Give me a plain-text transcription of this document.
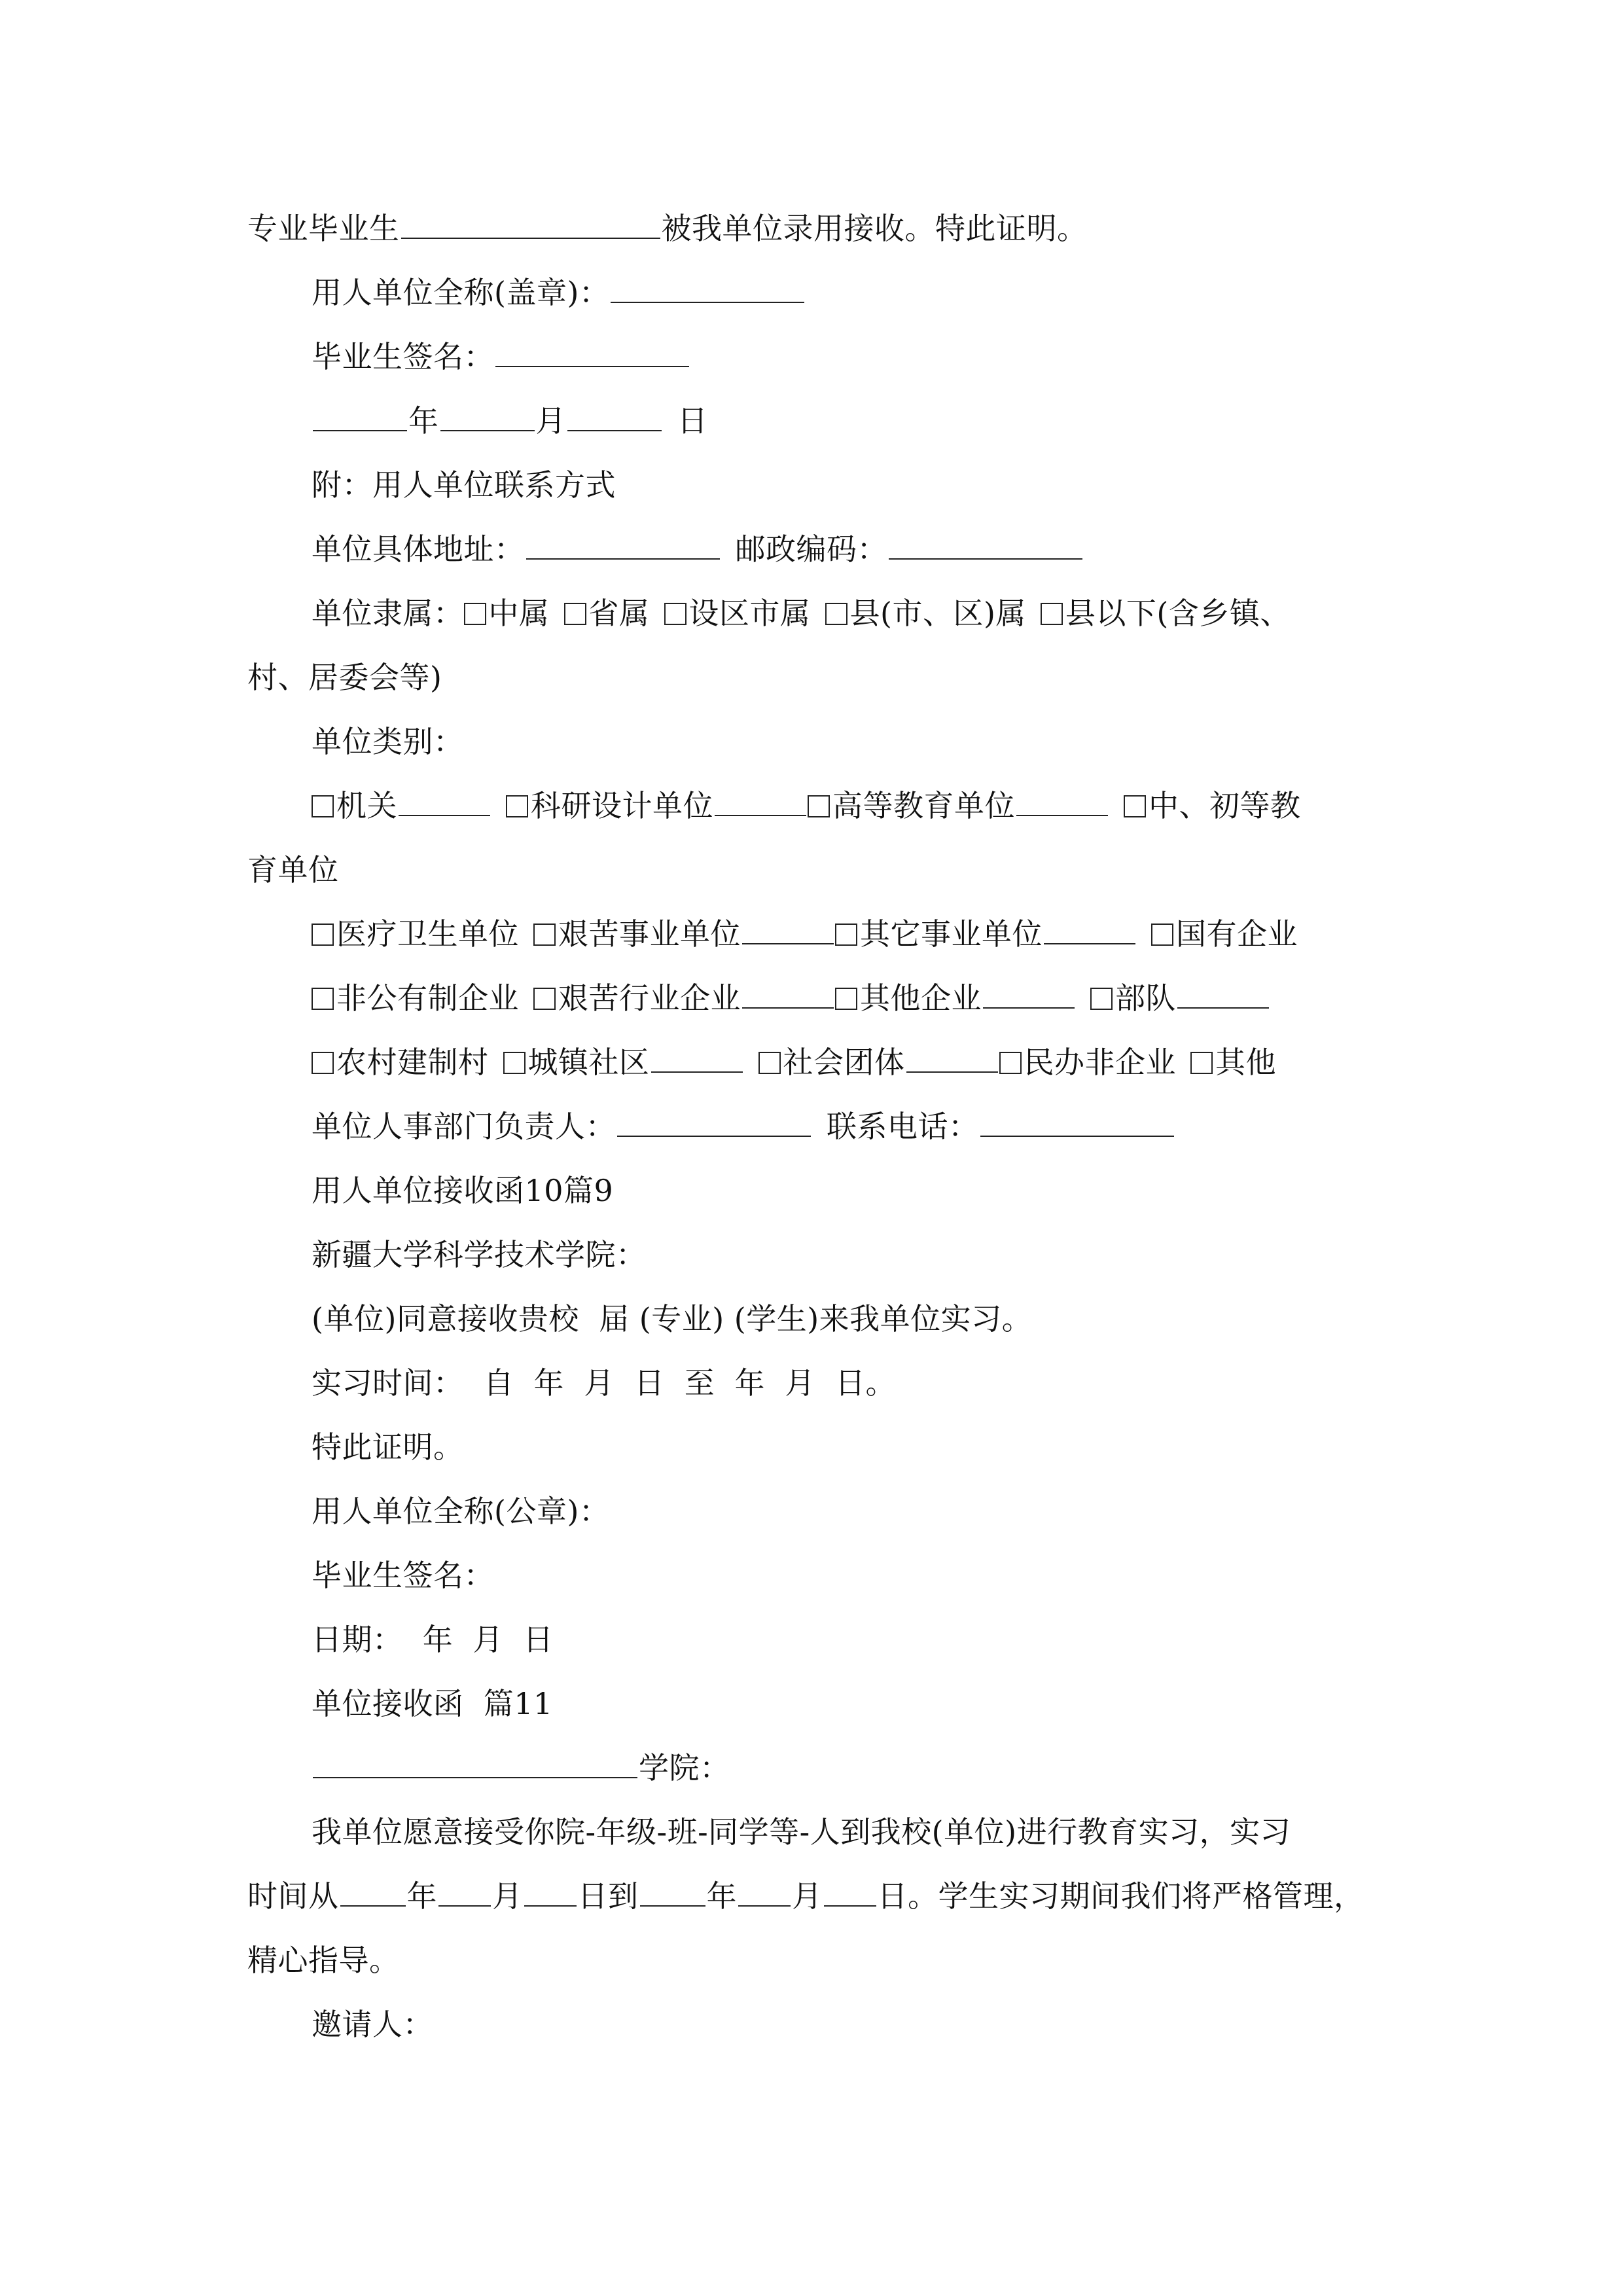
专业毕业生	被我单位录用接收。特此证明。
用人单位全称(盖章)：
毕业生签名：
年	月	日
附：用人单位联系方式
单位具体地址：	邮政编码：
单位隶属： 中属 省属 设区市属 县(市、区)属 县以下(含乡镇、
村、居委会等)
单位类别：
机关	科研设计单位	高等教育单位	中、初等教
育单位
医疗卫生单位 艰苦事业单位	其它事业单位	国有企业
非公有制企业 艰苦行业企业	其他企业	部队
农村建制村 城镇社区	社会团体	民办非企业 其他
单位人事部门负责人：	联系电话：
用人单位接收函10篇9
新疆大学科学技术学院：
(单位)同意接收贵校  届 (专业) (学生)来我单位实习。
实习时间：  自  年  月  日  至  年  月  日。
特此证明。
用人单位全称(公章)：
毕业生签名：
日期：  年  月  日
单位接收函  篇11
学院：
我单位愿意接受你院-年级-班-同学等-人到我校(单位)进行教育实习，实习
时间从 年 月 日到 年 月 日。学生实习期间我们将严格管理，
精心指导。
邀请人：
